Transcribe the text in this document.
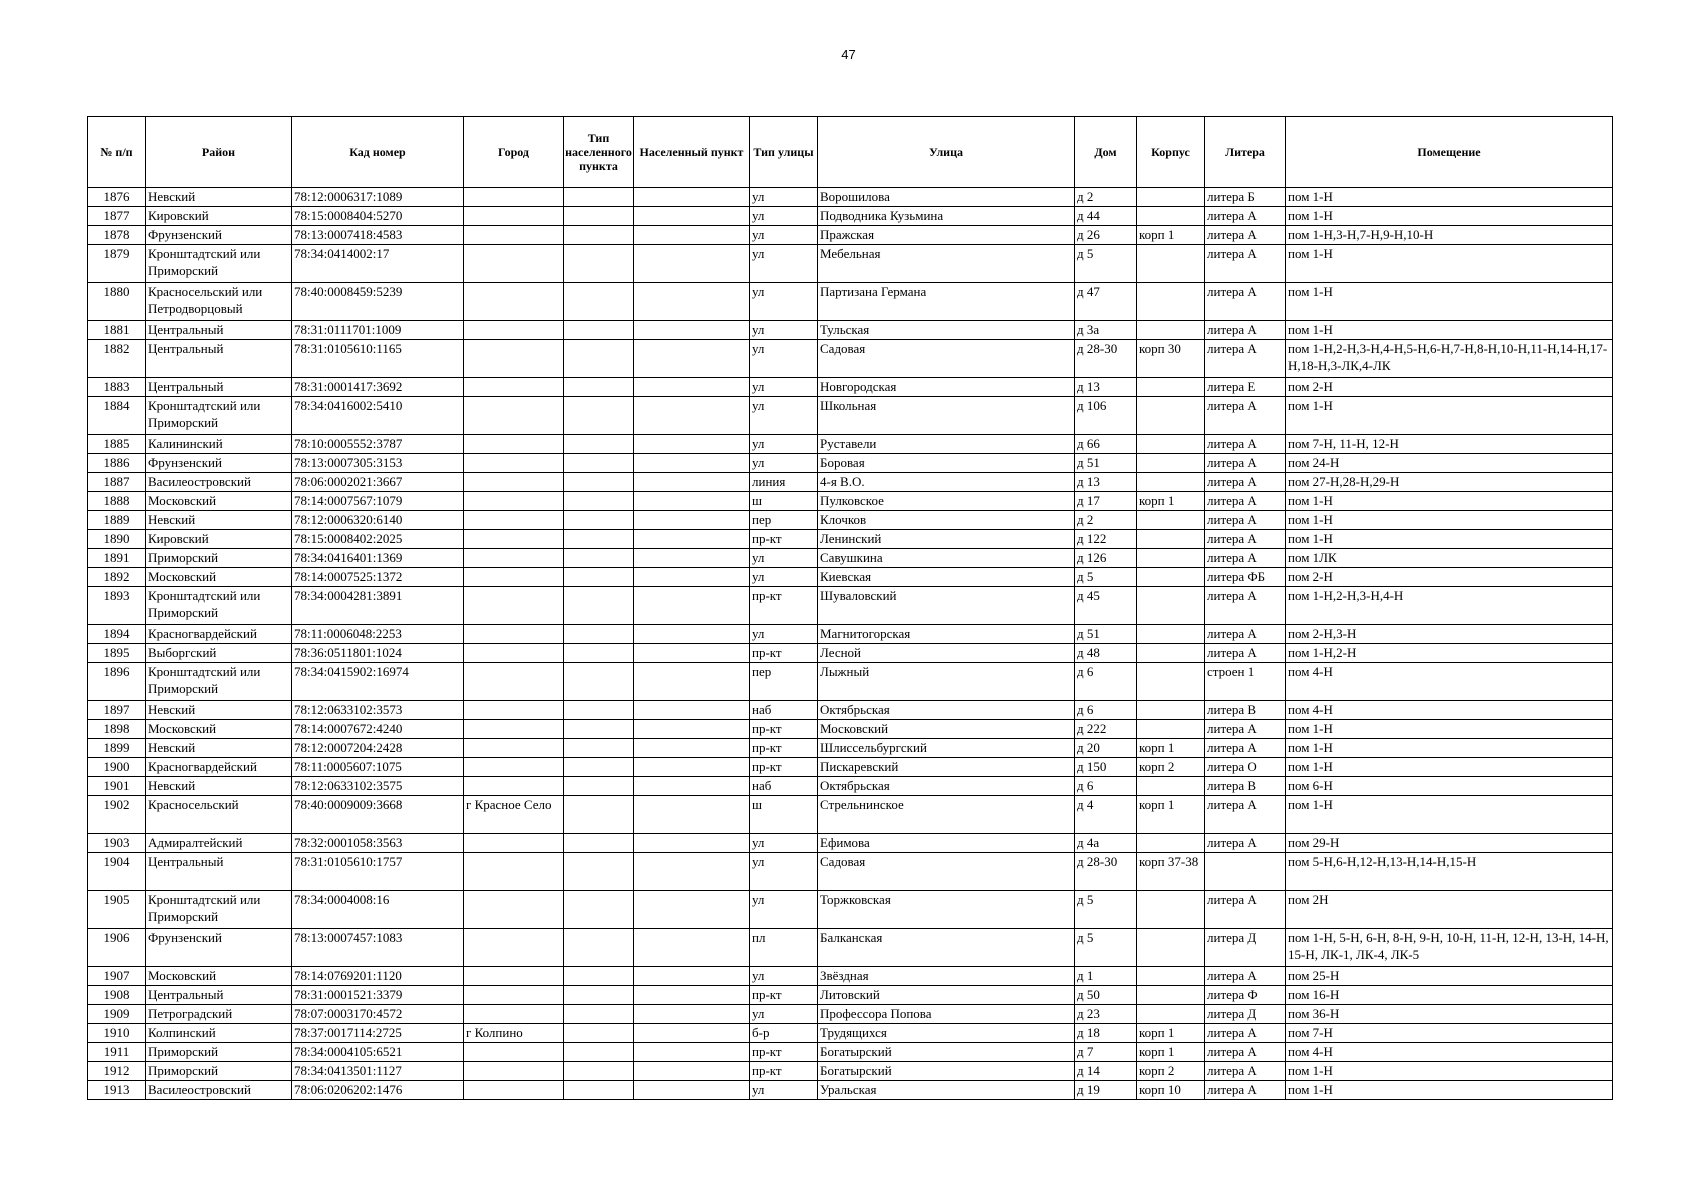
47
№ п/п	Район	Кад номер	Город	Тип населенного пункта	Населенный пункт	Тип улицы	Улица	Дом	Корпус	Литера	Помещение
1876	Невский	78:12:0006317:1089				ул	Ворошилова	д 2		литера Б	пом 1-Н
1877	Кировский	78:15:0008404:5270				ул	Подводника Кузьмина	д 44		литера А	пом 1-Н
1878	Фрунзенский	78:13:0007418:4583				ул	Пражская	д 26	корп 1	литера А	пом 1-Н,3-Н,7-Н,9-Н,10-Н
1879	Кронштадтский или Приморский	78:34:0414002:17				ул	Мебельная	д 5		литера А	пом 1-Н
1880	Красносельский или Петродворцовый	78:40:0008459:5239				ул	Партизана Германа	д 47		литера А	пом 1-Н
1881	Центральный	78:31:0111701:1009				ул	Тульская	д 3а		литера А	пом 1-Н
1882	Центральный	78:31:0105610:1165				ул	Садовая	д 28-30	корп 30	литера А	пом 1-Н,2-Н,3-Н,4-Н,5-Н,6-Н,7-Н,8-Н,10-Н,11-Н,14-Н,17-Н,18-Н,3-ЛК,4-ЛК
1883	Центральный	78:31:0001417:3692				ул	Новгородская	д 13		литера Е	пом 2-Н
1884	Кронштадтский или Приморский	78:34:0416002:5410				ул	Школьная	д 106		литера А	пом 1-Н
1885	Калининский	78:10:0005552:3787				ул	Руставели	д 66		литера А	пом 7-Н, 11-Н, 12-Н
1886	Фрунзенский	78:13:0007305:3153				ул	Боровая	д 51		литера А	пом 24-Н
1887	Василеостровский	78:06:0002021:3667				линия	4-я В.О.	д 13		литера А	пом 27-Н,28-Н,29-Н
1888	Московский	78:14:0007567:1079				ш	Пулковское	д 17	корп 1	литера А	пом 1-Н
1889	Невский	78:12:0006320:6140				пер	Клочков	д 2		литера А	пом 1-Н
1890	Кировский	78:15:0008402:2025				пр-кт	Ленинский	д 122		литера А	пом 1-Н
1891	Приморский	78:34:0416401:1369				ул	Савушкина	д 126		литера А	пом 1ЛК
1892	Московский	78:14:0007525:1372				ул	Киевская	д 5		литера ФБ	пом 2-Н
1893	Кронштадтский или Приморский	78:34:0004281:3891				пр-кт	Шуваловский	д 45		литера А	пом 1-Н,2-Н,3-Н,4-Н
1894	Красногвардейский	78:11:0006048:2253				ул	Магнитогорская	д 51		литера А	пом 2-Н,3-Н
1895	Выборгский	78:36:0511801:1024				пр-кт	Лесной	д 48		литера А	пом 1-Н,2-Н
1896	Кронштадтский или Приморский	78:34:0415902:16974				пер	Лыжный	д 6		строен 1	пом 4-Н
1897	Невский	78:12:0633102:3573				наб	Октябрьская	д 6		литера В	пом 4-Н
1898	Московский	78:14:0007672:4240				пр-кт	Московский	д 222		литера А	пом 1-Н
1899	Невский	78:12:0007204:2428				пр-кт	Шлиссельбургский	д 20	корп 1	литера А	пом 1-Н
1900	Красногвардейский	78:11:0005607:1075				пр-кт	Пискаревский	д 150	корп 2	литера О	пом 1-Н
1901	Невский	78:12:0633102:3575				наб	Октябрьская	д 6		литера В	пом 6-Н
1902	Красносельский	78:40:0009009:3668	г Красное Село			ш	Стрельнинское	д 4	корп 1	литера А	пом 1-Н
1903	Адмиралтейский	78:32:0001058:3563				ул	Ефимова	д 4а		литера А	пом 29-Н
1904	Центральный	78:31:0105610:1757				ул	Садовая	д 28-30	корп 37-38		пом 5-Н,6-Н,12-Н,13-Н,14-Н,15-Н
1905	Кронштадтский или Приморский	78:34:0004008:16				ул	Торжковская	д 5		литера А	пом 2Н
1906	Фрунзенский	78:13:0007457:1083				пл	Балканская	д 5		литера Д	пом 1-Н, 5-Н, 6-Н, 8-Н, 9-Н, 10-Н, 11-Н, 12-Н, 13-Н, 14-Н, 15-Н, ЛК-1, ЛК-4, ЛК-5
1907	Московский	78:14:0769201:1120				ул	Звёздная	д 1		литера А	пом 25-Н
1908	Центральный	78:31:0001521:3379				пр-кт	Литовский	д 50		литера Ф	пом 16-Н
1909	Петроградский	78:07:0003170:4572				ул	Профессора Попова	д 23		литера Д	пом 36-Н
1910	Колпинский	78:37:0017114:2725	г Колпино			б-р	Трудящихся	д 18	корп 1	литера А	пом 7-Н
1911	Приморский	78:34:0004105:6521				пр-кт	Богатырский	д 7	корп 1	литера А	пом 4-Н
1912	Приморский	78:34:0413501:1127				пр-кт	Богатырский	д 14	корп 2	литера А	пом 1-Н
1913	Василеостровский	78:06:0206202:1476				ул	Уральская	д 19	корп 10	литера А	пом 1-Н
